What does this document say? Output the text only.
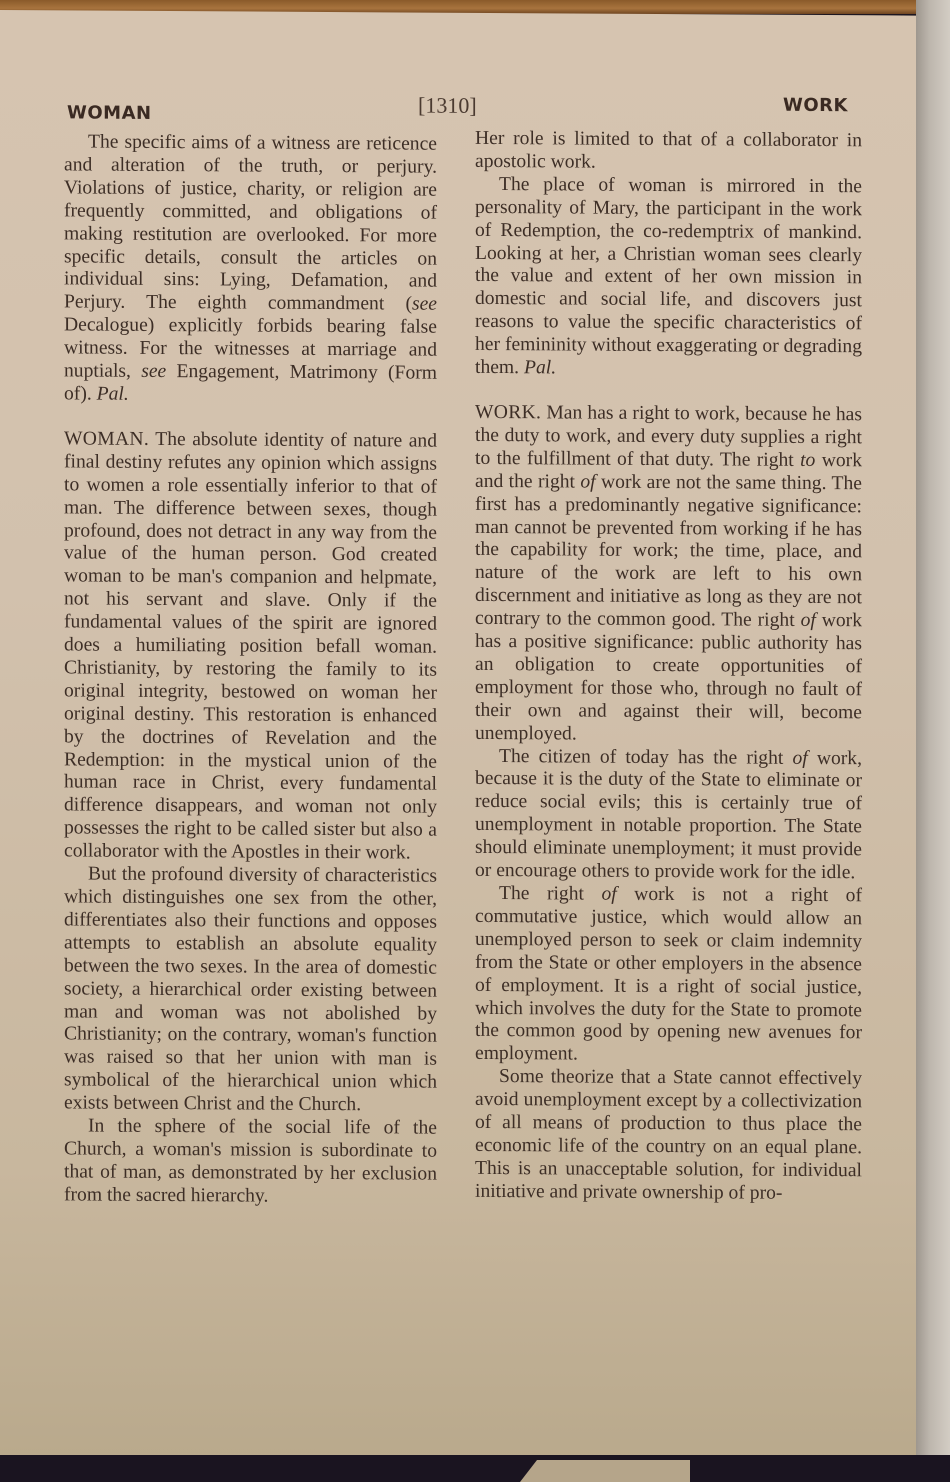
WOMAN	[1310]	WORK

The specific aims of a witness are reticence and alteration of the truth, or perjury. Violations of justice, charity, or religion are frequently committed, and obligations of making restitution are overlooked. For more specific details, consult the articles on individual sins: Lying, Defamation, and Perjury. The eighth commandment (see Decalogue) explicitly forbids bearing false witness. For the witnesses at marriage and nuptials, see Engagement, Matrimony (Form of). Pal.

WOMAN. The absolute identity of nature and final destiny refutes any opinion which assigns to women a role essentially inferior to that of man. The difference between sexes, though profound, does not detract in any way from the value of the human person. God created woman to be man's companion and helpmate, not his servant and slave. Only if the fundamental values of the spirit are ignored does a humiliating position befall woman. Christianity, by restoring the family to its original integrity, bestowed on woman her original destiny. This restoration is enhanced by the doctrines of Revelation and the Redemption: in the mystical union of the human race in Christ, every fundamental difference disappears, and woman not only possesses the right to be called sister but also a collaborator with the Apostles in their work.

But the profound diversity of characteristics which distinguishes one sex from the other, differentiates also their functions and opposes attempts to establish an absolute equality between the two sexes. In the area of domestic society, a hierarchical order existing between man and woman was not abolished by Christianity; on the contrary, woman's function was raised so that her union with man is symbolical of the hierarchical union which exists between Christ and the Church.

In the sphere of the social life of the Church, a woman's mission is subordinate to that of man, as demonstrated by her exclusion from the sacred hierarchy.

Her role is limited to that of a collaborator in apostolic work.

The place of woman is mirrored in the personality of Mary, the participant in the work of Redemption, the co-redemptrix of mankind. Looking at her, a Christian woman sees clearly the value and extent of her own mission in domestic and social life, and discovers just reasons to value the specific characteristics of her femininity without exaggerating or degrading them. Pal.

WORK. Man has a right to work, because he has the duty to work, and every duty supplies a right to the fulfillment of that duty. The right to work and the right of work are not the same thing. The first has a predominantly negative significance: man cannot be prevented from working if he has the capability for work; the time, place, and nature of the work are left to his own discernment and initiative as long as they are not contrary to the common good. The right of work has a positive significance: public authority has an obligation to create opportunities of employment for those who, through no fault of their own and against their will, become unemployed.

The citizen of today has the right of work, because it is the duty of the State to eliminate or reduce social evils; this is certainly true of unemployment in notable proportion. The State should eliminate unemployment; it must provide or encourage others to provide work for the idle.

The right of work is not a right of commutative justice, which would allow an unemployed person to seek or claim indemnity from the State or other employers in the absence of employment. It is a right of social justice, which involves the duty for the State to promote the common good by opening new avenues for employment.

Some theorize that a State cannot effectively avoid unemployment except by a collectivization of all means of production to thus place the economic life of the country on an equal plane. This is an unacceptable solution, for individual initiative and private ownership of pro-
